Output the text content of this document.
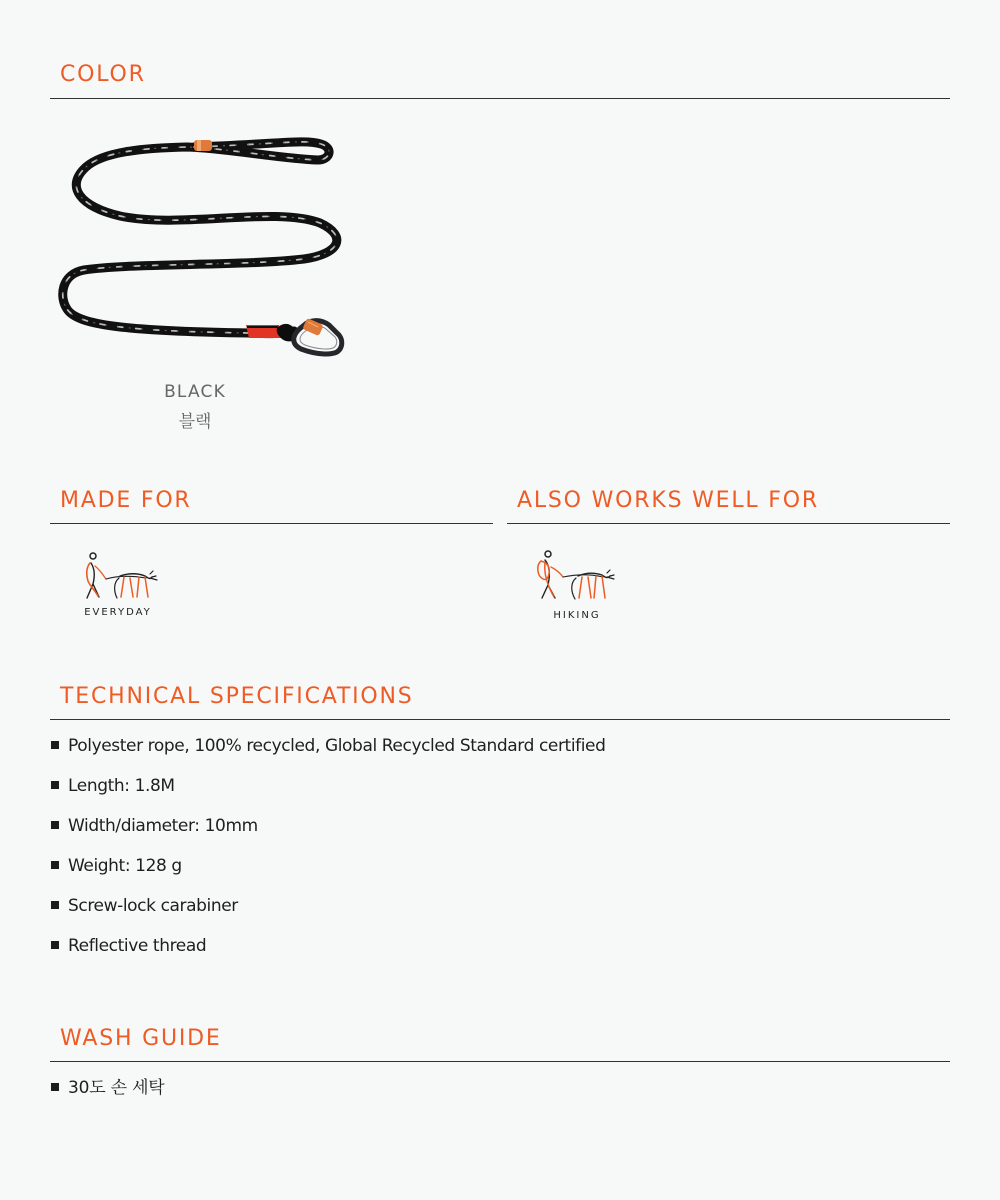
COLOR
BLACK
블랙
MADE FOR	ALSO WORKS WELL FOR
EVERYDAY	HIKING
TECHNICAL SPECIFICATIONS
Polyester rope, 100% recycled, Global Recycled Standard certified
Length: 1.8M
Width/diameter: 10mm
Weight: 128 g
Screw-lock carabiner
Reflective thread
WASH GUIDE
30도 손 세탁
